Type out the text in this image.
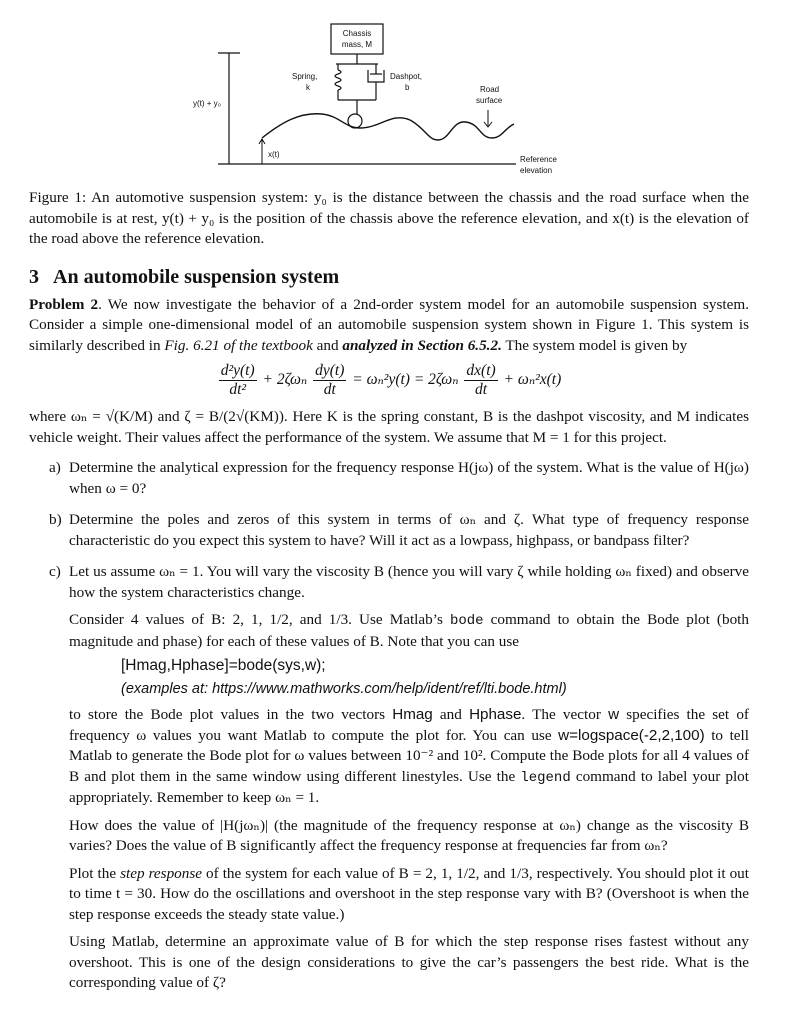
Chassis
mass, M
Spring,
k
Dashpot,
b	Road
surface
y(t) + y₀
x(t)
Reference
elevation

Figure 1: An automotive suspension system: y₀ is the distance between the chassis and the road surface when the automobile is at rest, y(t) + y₀ is the position of the chassis above the reference elevation, and x(t) is the elevation of the road above the reference elevation.

3 An automobile suspension system

Problem 2. We now investigate the behavior of a 2nd-order system model for an automobile suspension system. Consider a simple one-dimensional model of an automobile suspension system shown in Figure 1. This system is similarly described in Fig. 6.21 of the textbook and analyzed in Section 6.5.2. The system model is given by

$\frac{\text{d²y(t)}}{\text{dt²}} + 2\zeta\omega_n \frac{dy(t)}{dt} = \omega_n^2y(t) = 2\zeta\omega_n \frac{dx(t)}{dt} + \omega_n^2x(t)$

where ωₙ = √(K/M) and ζ = B/(2√(KM)). Here K is the spring constant, B is the dashpot viscosity, and M indicates vehicle weight. Their values affect the performance of the system. We assume that M = 1 for this project.

a) Determine the analytical expression for the frequency response H(jω) of the system. What is the value of H(jω) when ω = 0?
b) Determine the poles and zeros of this system in terms of ωₙ and ζ. What type of frequency response characteristic do you expect this system to have? Will it act as a lowpass, highpass, or bandpass filter?
c) Let us assume ωₙ = 1. You will vary the viscosity B (hence you will vary ζ while holding ωₙ fixed) and observe how the system characteristics change.

Consider 4 values of B: 2, 1, 1/2, and 1/3. Use Matlab’s bode command to obtain the Bode plot (both magnitude and phase) for each of these values of B. Note that you can use

[Hmag,Hphase]=bode(sys,w);
(examples at: https://www.mathworks.com/help/ident/ref/lti.bode.html)

to store the Bode plot values in the two vectors Hmag and Hphase. The vector w specifies the set of frequency ω values you want Matlab to compute the plot for. You can use w=logspace(-2,2,100) to tell Matlab to generate the Bode plot for ω values between 10⁻² and 10². Compute the Bode plots for all 4 values of B and plot them in the same window using different linestyles. Use the legend command to label your plot appropriately. Remember to keep ωₙ = 1.

How does the value of |H(jωₙ)| (the magnitude of the frequency response at ωₙ) change as the viscosity B varies? Does the value of B significantly affect the frequency response at frequencies far from ωₙ?

Plot the step response of the system for each value of B = 2, 1, 1/2, and 1/3, respectively. You should plot it out to time t = 30. How do the oscillations and overshoot in the step response vary with B? (Overshoot is when the step response exceeds the steady state value.)

Using Matlab, determine an approximate value of B for which the step response rises fastest without any overshoot. This is one of the design considerations to give the car’s passengers the best ride. What is the corresponding value of ζ?
